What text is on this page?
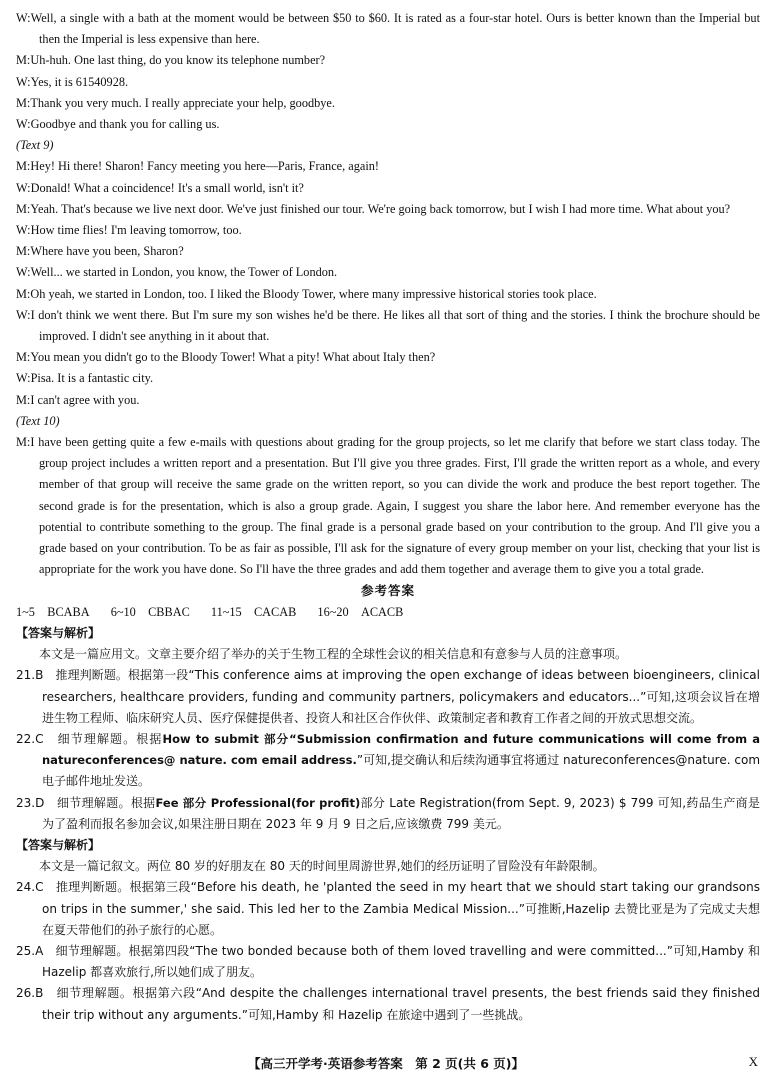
W:Well, a single with a bath at the moment would be between $50 to $60. It is rated as a four-star hotel. Ours is better known than the Imperial but then the Imperial is less expensive than here.

M:Uh-huh. One last thing, do you know its telephone number?

W:Yes, it is 61540928.

M:Thank you very much. I really appreciate your help, goodbye.

W:Goodbye and thank you for calling us.

(Text 9)

M:Hey! Hi there! Sharon! Fancy meeting you here—Paris, France, again!

W:Donald! What a coincidence! It's a small world, isn't it?

M:Yeah. That's because we live next door. We've just finished our tour. We're going back tomorrow, but I wish I had more time. What about you?

W:How time flies! I'm leaving tomorrow, too.

M:Where have you been, Sharon?

W:Well... we started in London, you know, the Tower of London.

M:Oh yeah, we started in London, too. I liked the Bloody Tower, where many impressive historical stories took place.

W:I don't think we went there. But I'm sure my son wishes he'd be there. He likes all that sort of thing and the stories. I think the brochure should be improved. I didn't see anything in it about that.

M:You mean you didn't go to the Bloody Tower! What a pity! What about Italy then?

W:Pisa. It is a fantastic city.

M:I can't agree with you.

(Text 10)

M:I have been getting quite a few e-mails with questions about grading for the group projects, so let me clarify that before we start class today. The group project includes a written report and a presentation. But I'll give you three grades. First, I'll grade the written report as a whole, and every member of that group will receive the same grade on the written report, so you can divide the work and produce the best report together. The second grade is for the presentation, which is also a group grade. Again, I suggest you share the labor here. And remember everyone has the potential to contribute something to the group. The final grade is a personal grade based on your contribution to the group. And I'll give you a grade based on your contribution. To be as fair as possible, I'll ask for the signature of every group member on your list, checking that your list is appropriate for the work you have done. So I'll have the three grades and add them together and average them to give you a total grade.

参考答案

1~5　BCABA 6~10　CBBAC 11~15　CACAB 16~20　ACACB

【答案与解析】

本文是一篇应用文。文章主要介绍了举办的关于生物工程的全球性会议的相关信息和有意参与人员的注意事项。

21.B　 推理判断题。根据第一段“This conference aims at improving the open exchange of ideas between bioengineers, clinical researchers, healthcare providers, funding and community partners, policymakers and educators...”可知,这项会议旨在增进生物工程师、临床研究人员、医疗保健提供者、投资人和社区合作伙伴、政策制定者和教育工作者之间的开放式思想交流。

22.C　 细节理解题。根据How to submit 部分“Submission confirmation and future communications will come from a natureconferences@ nature. com email address.”可知,提交确认和后续沟通事宜将通过 natureconferences@nature. com 电子邮件地址发送。

23.D　 细节理解题。根据Fee 部分 Professional(for profit)部分 Late Registration(from Sept. 9, 2023) $ 799 可知,药品生产商是为了盈利而报名参加会议,如果注册日期在 2023 年 9 月 9 日之后,应该缴费 799 美元。

【答案与解析】

本文是一篇记叙文。两位 80 岁的好朋友在 80 天的时间里周游世界,她们的经历证明了冒险没有年龄限制。

24.C　 推理判断题。根据第三段“Before his death, he 'planted the seed in my heart that we should start taking our grandsons on trips in the summer,' she said. This led her to the Zambia Medical Mission...”可推断,Hazelip 去赞比亚是为了完成丈夫想在夏天带他们的孙子旅行的心愿。

25.A　 细节理解题。根据第四段“The two bonded because both of them loved travelling and were committed...”可知,Hamby 和 Hazelip 都喜欢旅行,所以她们成了朋友。

26.B　 细节理解题。根据第六段“And despite the challenges international travel presents, the best friends said they finished their trip without any arguments.”可知,Hamby 和 Hazelip 在旅途中遇到了一些挑战。

【高三开学考·英语参考答案　第 2 页(共 6 页)】	X
